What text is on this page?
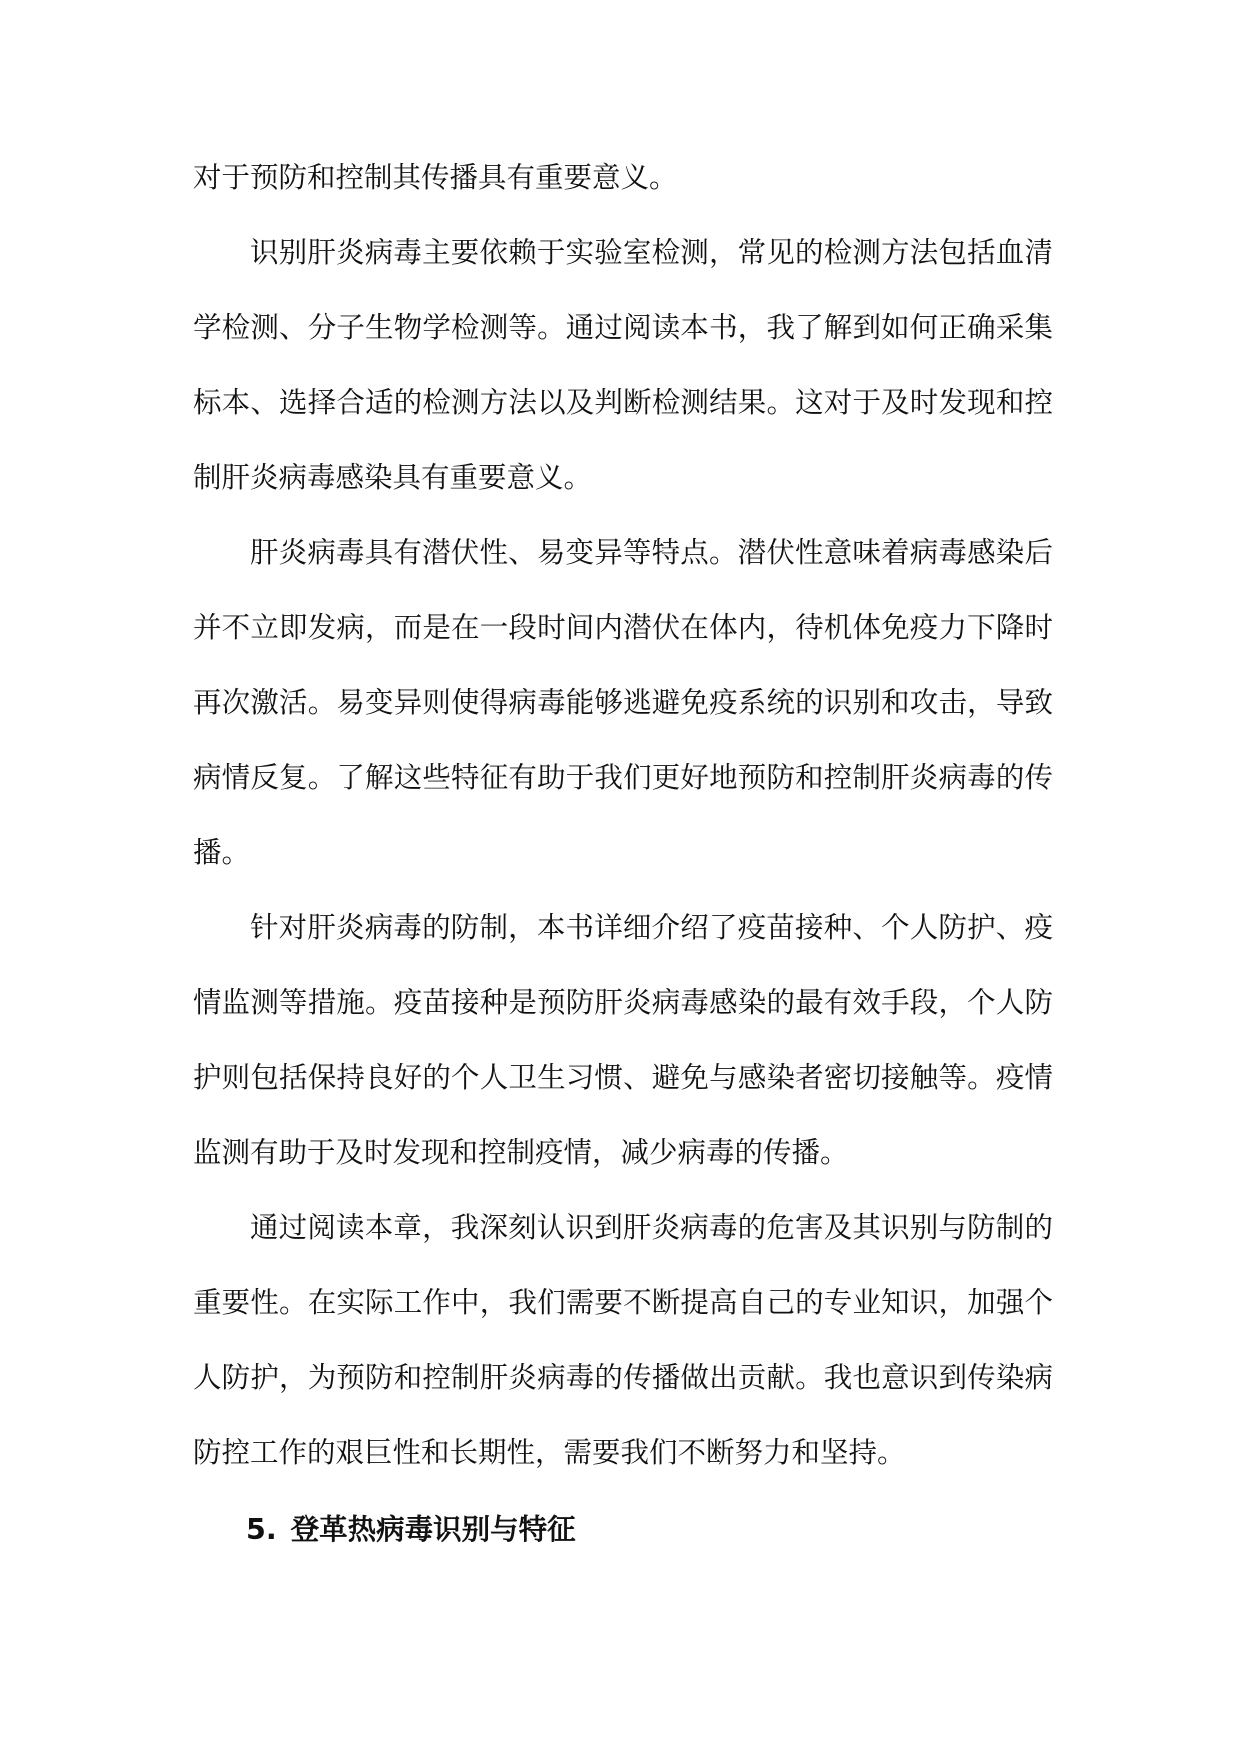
对于预防和控制其传播具有重要意义。

识别肝炎病毒主要依赖于实验室检测，常见的检测方法包括血清学检测、分子生物学检测等。通过阅读本书，我了解到如何正确采集标本、选择合适的检测方法以及判断检测结果。这对于及时发现和控制肝炎病毒感染具有重要意义。

肝炎病毒具有潜伏性、易变异等特点。潜伏性意味着病毒感染后并不立即发病，而是在一段时间内潜伏在体内，待机体免疫力下降时再次激活。易变异则使得病毒能够逃避免疫系统的识别和攻击，导致病情反复。了解这些特征有助于我们更好地预防和控制肝炎病毒的传播。

针对肝炎病毒的防制，本书详细介绍了疫苗接种、个人防护、疫情监测等措施。疫苗接种是预防肝炎病毒感染的最有效手段，个人防护则包括保持良好的个人卫生习惯、避免与感染者密切接触等。疫情监测有助于及时发现和控制疫情，减少病毒的传播。

通过阅读本章，我深刻认识到肝炎病毒的危害及其识别与防制的重要性。在实际工作中，我们需要不断提高自己的专业知识，加强个人防护，为预防和控制肝炎病毒的传播做出贡献。我也意识到传染病防控工作的艰巨性和长期性，需要我们不断努力和坚持。

5. 登革热病毒识别与特征
